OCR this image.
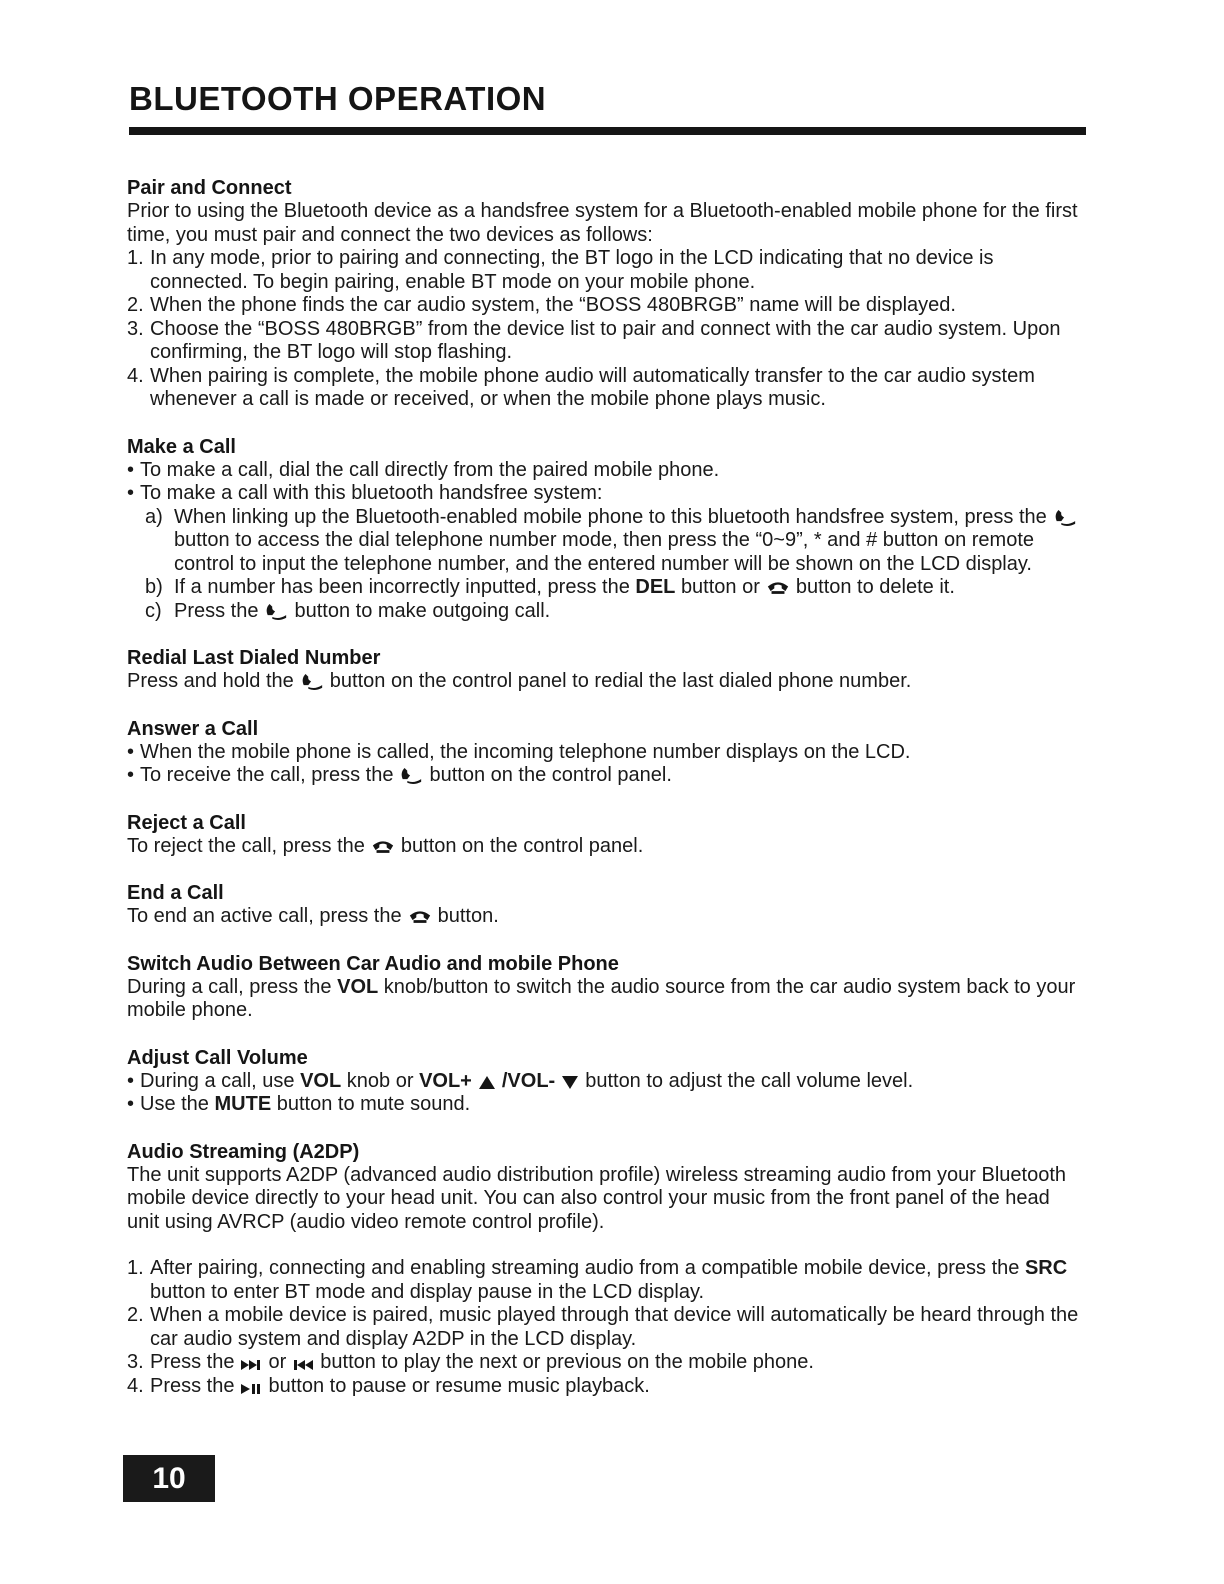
BLUETOOTH OPERATION
Pair and Connect

Prior to using the Bluetooth device as a handsfree system for a Bluetooth-enabled mobile phone for the first time, you must pair and connect the two devices as follows:

1. In any mode, prior to pairing and connecting, the BT logo in the LCD indicating that no device is connected. To begin pairing, enable BT mode on your mobile phone.
2. When the phone finds the car audio system, the “BOSS 480BRGB” name will be displayed.
3. Choose the “BOSS 480BRGB” from the device list to pair and connect with the car audio system. Upon confirming, the BT logo will stop flashing.
4. When pairing is complete, the mobile phone audio will automatically transfer to the car audio system whenever a call is made or received, or when the mobile phone plays music.
Make a Call
• To make a call, dial the call directly from the paired mobile phone.
• To make a call with this bluetooth handsfree system:
a) When linking up the Bluetooth-enabled mobile phone to this bluetooth handsfree system, press thebutton to access the dial telephone number mode, then press the “0~9”, * and # button on remote control to input the telephone number, and the entered number will be shown on the LCD display.
b) If a number has been incorrectly inputted, press the DEL button or button to delete it.
c) Press the button to make outgoing call.
Redial Last Dialed Number

Press and hold the button on the control panel to redial the last dialed phone number.

Answer a Call
• When the mobile phone is called, the incoming telephone number displays on the LCD.
• To receive the call, press the button on the control panel.
Reject a Call

To reject the call, press the button on the control panel.

End a Call

To end an active call, press the button.

Switch Audio Between Car Audio and mobile Phone

During a call, press the VOL knob/button to switch the audio source from the car audio system back to your mobile phone.

Adjust Call Volume
• During a call, use VOL knob or VOL+ /VOL- button to adjust the call volume level.
• Use the MUTE button to mute sound.
Audio Streaming (A2DP)

The unit supports A2DP (advanced audio distribution profile) wireless streaming audio from your Bluetooth mobile device directly to your head unit. You can also control your music from the front panel of the head unit using AVRCP (audio video remote control profile).

1. After pairing, connecting and enabling streaming audio from a compatible mobile device, press the SRC button to enter BT mode and display pause in the LCD display.
2. When a mobile device is paired, music played through that device will automatically be heard through the car audio system and display A2DP in the LCD display.
3. Press the or button to play the next or previous on the mobile phone.
4. Press the button to pause or resume music playback.
10
